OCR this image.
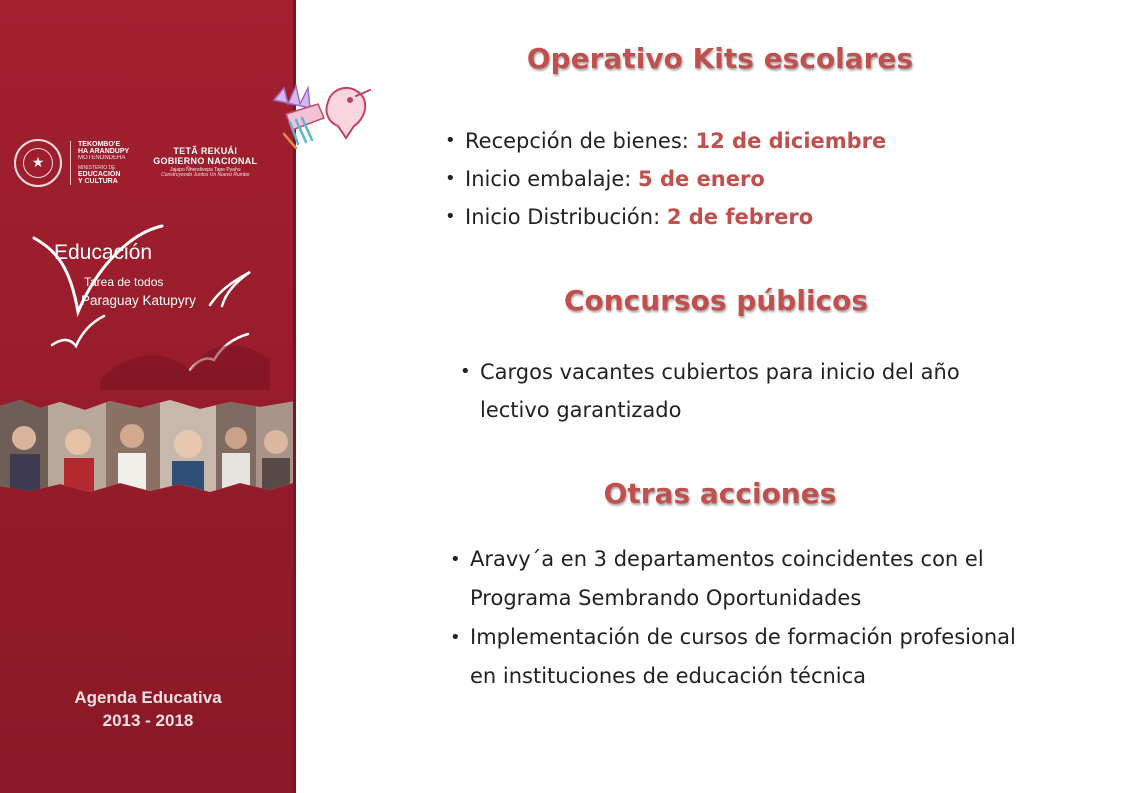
★
TEKOMBO'E
HA ARANDUPY
MOTENONDEHA
MINISTERIO DE
EDUCACIÓN
Y CULTURA
TETÃ REKUÁI
GOBIERNO NACIONAL
Jajapo Ñhendivepa Tape Pyahu
Construyendo Juntos Un Nuevo Rumbo
Educación
Tarea de todos
Paraguay Katupyry
Agenda Educativa
2013 - 2018
Operativo Kits escolares
• Recepción de bienes: 12 de diciembre
• Inicio embalaje: 5 de enero
• Inicio Distribución: 2 de febrero
Concursos públicos
• Cargos vacantes cubiertos para inicio del año lectivo garantizado
Otras acciones
• Aravy´a en 3 departamentos coincidentes con el Programa Sembrando Oportunidades
• Implementación de cursos de formación profesional en instituciones de educación técnica
